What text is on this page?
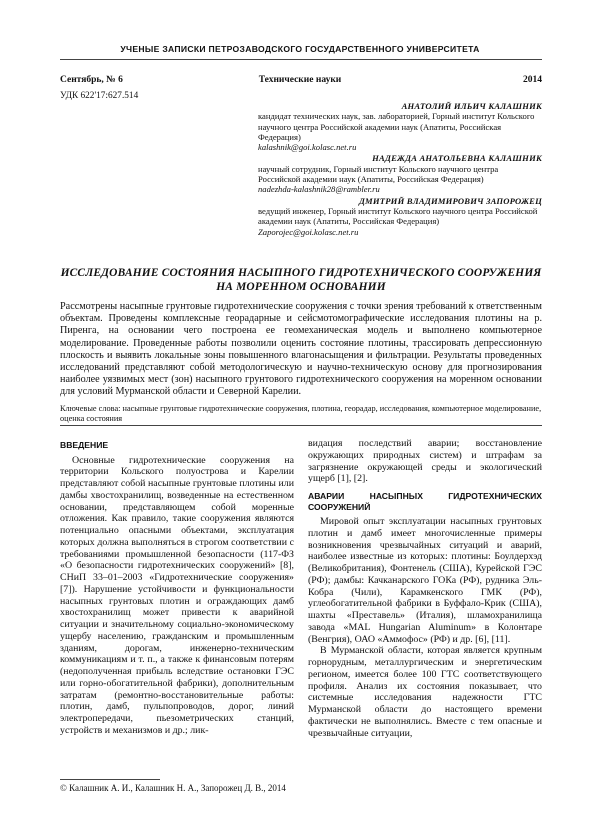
УЧЕНЫЕ ЗАПИСКИ ПЕТРОЗАВОДСКОГО ГОСУДАРСТВЕННОГО УНИВЕРСИТЕТА
Сентябрь, № 6	Технические науки	2014
УДК 622'17:627.514
АНАТОЛИЙ ИЛЬИЧ КАЛАШНИК

кандидат технических наук, зав. лабораторией, Горный институт Кольского научного центра Российской академии наук (Апатиты, Российская Федерация)

kalashnik@goi.kolasc.net.ru
НАДЕЖДА АНАТОЛЬЕВНА КАЛАШНИК

научный сотрудник, Горный институт Кольского научного центра Российской академии наук (Апатиты, Российская Федерация)

nadezhda-kalashnik28@rambler.ru
ДМИТРИЙ ВЛАДИМИРОВИЧ ЗАПОРОЖЕЦ

ведущий инженер, Горный институт Кольского научного центра Российской академии наук (Апатиты, Российская Федерация)

Zaporojec@goi.kolasc.net.ru
ИССЛЕДОВАНИЕ СОСТОЯНИЯ НАСЫПНОГО ГИДРОТЕХНИЧЕСКОГО СООРУЖЕНИЯ НА МОРЕННОМ ОСНОВАНИИ

Рассмотрены насыпные грунтовые гидротехнические сооружения с точки зрения требований к ответственным объектам. Проведены комплексные георадарные и сейсмотомографические исследования плотины на р. Пиренга, на основании чего построена ее геомеханическая модель и выполнено компьютерное моделирование. Проведенные работы позволили оценить состояние плотины, трассировать депрессионную плоскость и выявить локальные зоны повышенного влагонасыщения и фильтрации. Результаты проведенных исследований представляют собой методологическую и научно-техническую основу для прогнозирования наиболее уязвимых мест (зон) насыпного грунтового гидротехнического сооружения на моренном основании для условий Мурманской области и Северной Карелии.

Ключевые слова: насыпные грунтовые гидротехнические сооружения, плотина, георадар, исследования, компьютерное моделирование, оценка состояния

ВВЕДЕНИЕ

Основные гидротехнические сооружения на территории Кольского полуострова и Карелии представляют собой насыпные грунтовые плотины или дамбы хвостохранилищ, возведенные на естественном основании, представляющем собой моренные отложения. Как правило, такие сооружения являются потенциально опасными объектами, эксплуатация которых должна выполняться в строгом соответствии с требованиями промышленной безопасности (117-ФЗ «О безопасности гидротехнических сооружений» [8], СНиП 33–01–2003 «Гидротехнические сооружения» [7]). Нарушение устойчивости и функциональности насыпных грунтовых плотин и ограждающих дамб хвостохранилищ может привести к аварийной ситуации и значительному социально-экономическому ущербу населению, гражданским и промышленным зданиям, дорогам, инженерно-техническим коммуникациям и т. п., а также к финансовым потерям (недополученная прибыль вследствие остановки ГЭС или горно-обогатительной фабрики), дополнительным затратам (ремонтно-восстановительные работы: плотин, дамб, пульпопроводов, дорог, линий электропередачи, пьезометрических станций, устройств и механизмов и др.; лик-

видация последствий аварии; восстановление окружающих природных систем) и штрафам за загрязнение окружающей среды и экологический ущерб [1], [2].

АВАРИИ НАСЫПНЫХ ГИДРОТЕХНИЧЕСКИХ СООРУЖЕНИЙ

Мировой опыт эксплуатации насыпных грунтовых плотин и дамб имеет многочисленные примеры возникновения чрезвычайных ситуаций и аварий, наиболее известные из которых: плотины: Боулдерхэд (Великобритания), Фонтенель (США), Курейской ГЭС (РФ); дамбы: Качканарского ГОКа (РФ), рудника Эль-Кобра (Чили), Карамкенского ГМК (РФ), углеобогатительной фабрики в Буффало-Крик (США), шахты «Преставель» (Италия), шламохранилища завода «MAL Hungarian Aluminum» в Колонтаре (Венгрия), ОАО «Аммофос» (РФ) и др. [6], [11].

В Мурманской области, которая является крупным горнорудным, металлургическим и энергетическим регионом, имеется более 100 ГТС соответствующего профиля. Анализ их состояния показывает, что системные исследования надежности ГТС Мурманской области до настоящего времени фактически не выполнялись. Вместе с тем опасные и чрезвычайные ситуации,

© Калашник А. И., Калашник Н. А., Запорожец Д. В., 2014
